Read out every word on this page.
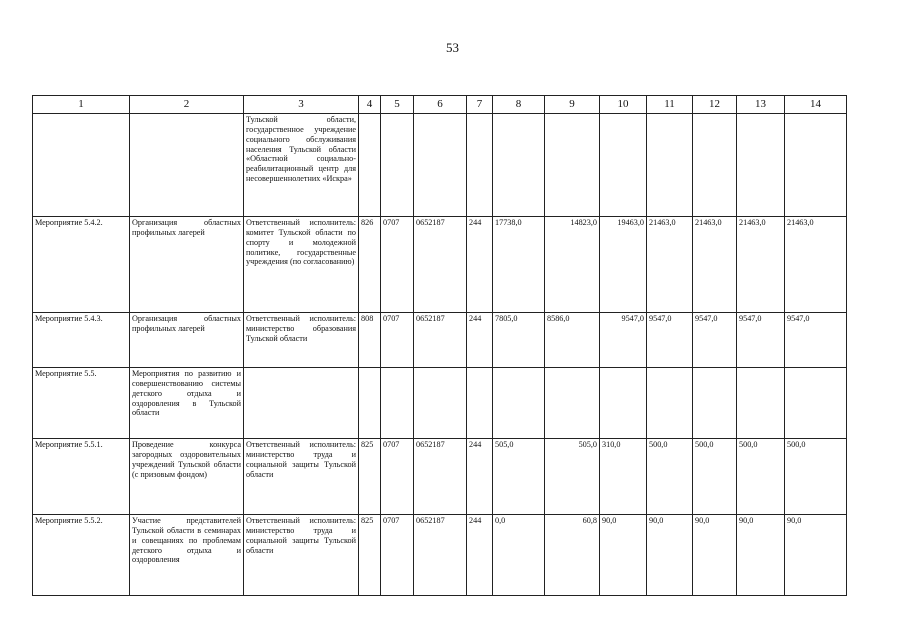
53
1	2	3	4	5	6	7	8	9	10	11	12	13	14
		Тульской области, государственное учреждение социального обслуживания населения Тульской области «Областной социально-реабилитационный центр для несовершеннолетних «Искра»											
Мероприятие 5.4.2.	Организация областных профильных лагерей	Ответственный исполнитель: комитет Тульской области по спорту и молодежной политике, государственные учреждения (по согласованию)	826	0707	0652187	244	17738,0	14823,0	19463,0	21463,0	21463,0	21463,0	21463,0
Мероприятие 5.4.3.	Организация областных профильных лагерей	Ответственный исполнитель: министерство образования Тульской области	808	0707	0652187	244	7805,0	8586,0	9547,0	9547,0	9547,0	9547,0	9547,0
Мероприятие 5.5.	Мероприятия по развитию и совершенствованию системы детского отдыха и оздоровления в Тульской области												
Мероприятие 5.5.1.	Проведение конкурса загородных оздоровительных учреждений Тульской области (с призовым фондом)	Ответственный исполнитель: министерство труда и социальной защиты Тульской области	825	0707	0652187	244	505,0	505,0	310,0	500,0	500,0	500,0	500,0
Мероприятие 5.5.2.	Участие представителей Тульской области в семинарах и совещаниях по проблемам детского отдыха и оздоровления	Ответственный исполнитель: министерство труда и социальной защиты Тульской области	825	0707	0652187	244	0,0	60,8	90,0	90,0	90,0	90,0	90,0
